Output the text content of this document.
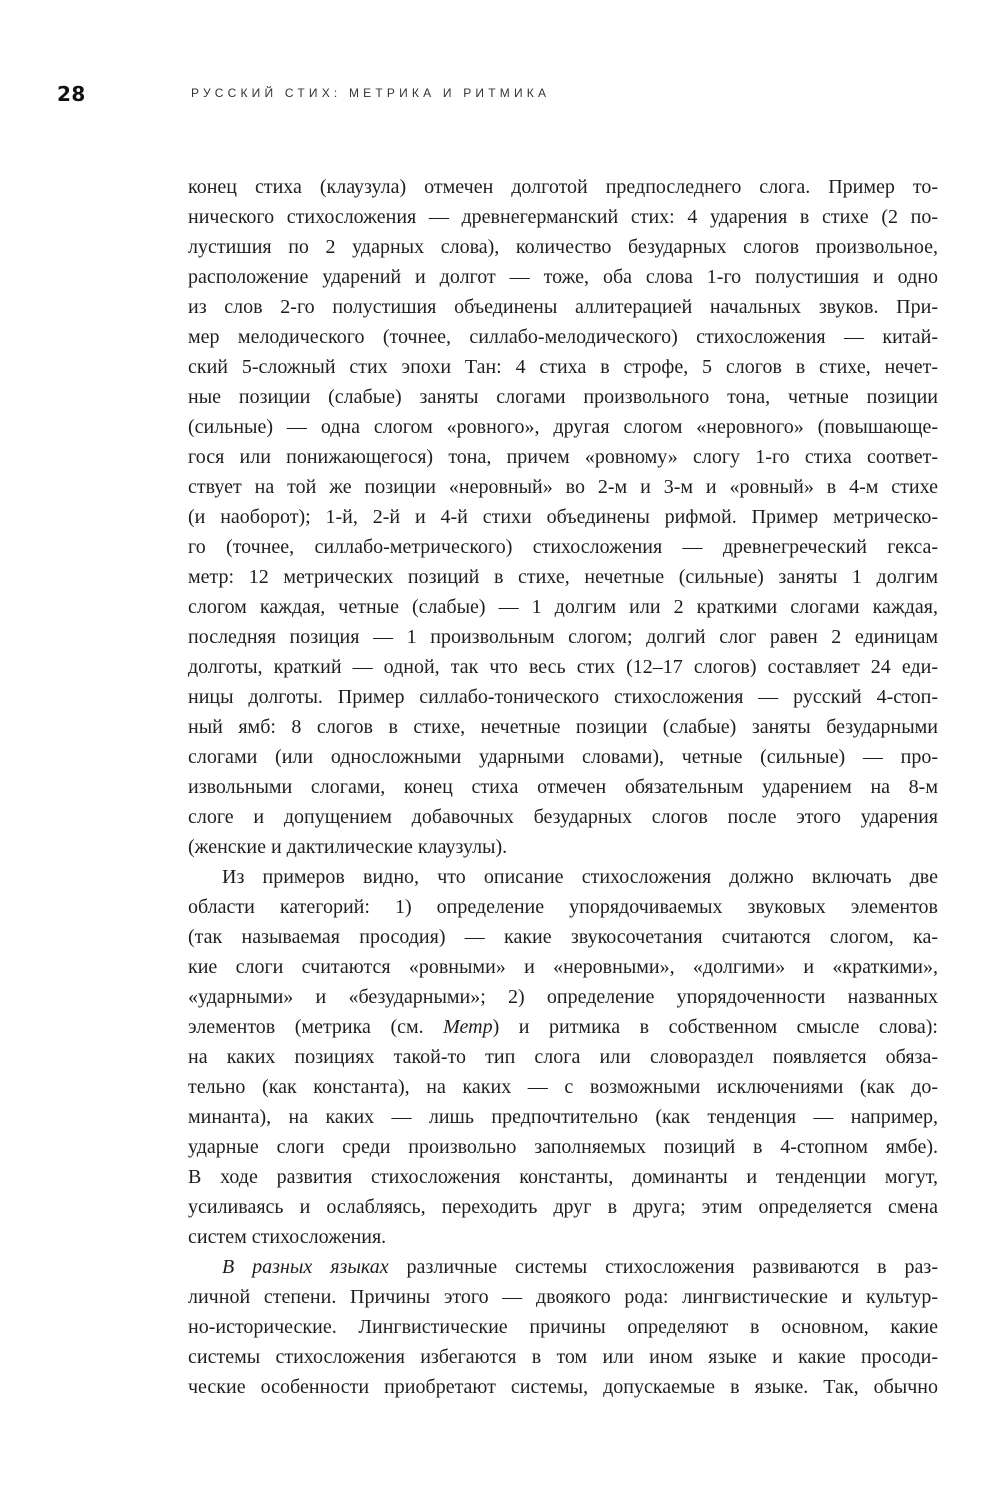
28	РУССКИЙ СТИХ: МЕТРИКА И РИТМИКА
конец стиха (клаузула) отмечен долготой предпоследнего слога. Пример то-
нического стихосложения — древнегерманский стих: 4 ударения в стихе (2 по-
лустишия по 2 ударных слова), количество безударных слогов произвольное,
расположение ударений и долгот — тоже, оба слова 1-го полустишия и одно
из слов 2-го полустишия объединены аллитерацией начальных звуков. При-
мер мелодического (точнее, силлабо-мелодического) стихосложения — китай-
ский 5-сложный стих эпохи Тан: 4 стиха в строфе, 5 слогов в стихе, нечет-
ные позиции (слабые) заняты слогами произвольного тона, четные позиции
(сильные) — одна слогом «ровного», другая слогом «неровного» (повышающе-
гося или понижающегося) тона, причем «ровному» слогу 1-го стиха соответ-
ствует на той же позиции «неровный» во 2-м и 3-м и «ровный» в 4-м стихе
(и наоборот); 1-й, 2-й и 4-й стихи объединены рифмой. Пример метрическо-
го (точнее, силлабо-метрического) стихосложения — древнегреческий гекса-
метр: 12 метрических позиций в стихе, нечетные (сильные) заняты 1 долгим
слогом каждая, четные (слабые) — 1 долгим или 2 краткими слогами каждая,
последняя позиция — 1 произвольным слогом; долгий слог равен 2 единицам
долготы, краткий — одной, так что весь стих (12–17 слогов) составляет 24 еди-
ницы долготы. Пример силлабо-тонического стихосложения — русский 4-стоп-
ный ямб: 8 слогов в стихе, нечетные позиции (слабые) заняты безударными
слогами (или односложными ударными словами), четные (сильные) — про-
извольными слогами, конец стиха отмечен обязательным ударением на 8-м
слоге и допущением добавочных безударных слогов после этого ударения
(женские и дактилические клаузулы).
Из примеров видно, что описание стихосложения должно включать две
области категорий: 1) определение упорядочиваемых звуковых элементов
(так называемая просодия) — какие звукосочетания считаются слогом, ка-
кие слоги считаются «ровными» и «неровными», «долгими» и «краткими»,
«ударными» и «безударными»; 2) определение упорядоченности названных
элементов (метрика (см. Метр) и ритмика в собственном смысле слова):
на каких позициях такой-то тип слога или словораздел появляется обяза-
тельно (как константа), на каких — с возможными исключениями (как до-
минанта), на каких — лишь предпочтительно (как тенденция — например,
ударные слоги среди произвольно заполняемых позиций в 4-стопном ямбе).
В ходе развития стихосложения константы, доминанты и тенденции могут,
усиливаясь и ослабляясь, переходить друг в друга; этим определяется смена
систем стихосложения.
В разных языках различные системы стихосложения развиваются в раз-
личной степени. Причины этого — двоякого рода: лингвистические и культур-
но-исторические. Лингвистические причины определяют в основном, какие
системы стихосложения избегаются в том или ином языке и какие просоди-
ческие особенности приобретают системы, допускаемые в языке. Так, обычно
